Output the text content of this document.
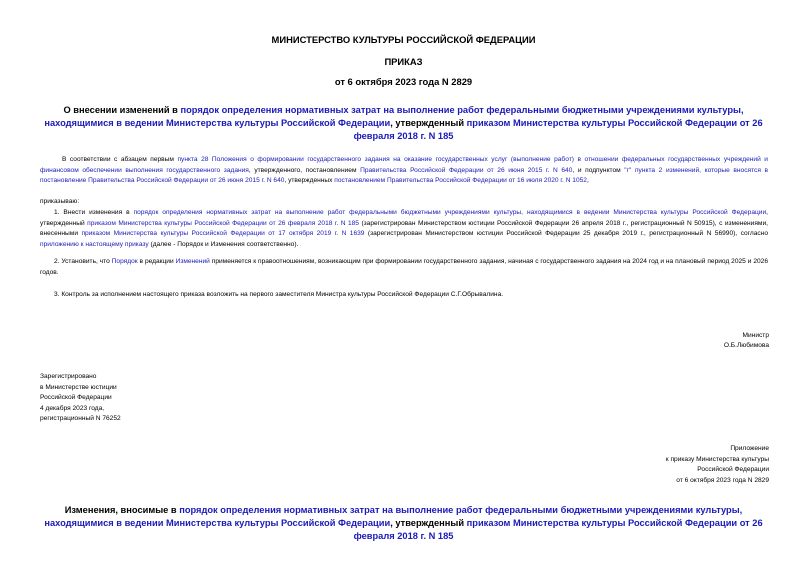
МИНИСТЕРСТВО КУЛЬТУРЫ РОССИЙСКОЙ ФЕДЕРАЦИИ
ПРИКАЗ
от 6 октября 2023 года N 2829
О внесении изменений в порядок определения нормативных затрат на выполнение работ федеральными бюджетными учреждениями культуры, находящимися в ведении Министерства культуры Российской Федерации, утвержденный приказом Министерства культуры Российской Федерации от 26 февраля 2018 г. N 185
В соответствии с абзацем первым пункта 28 Положения о формировании государственного задания на оказание государственных услуг (выполнение работ) в отношении федеральных государственных учреждений и финансовом обеспечении выполнения государственного задания, утвержденного, постановлением Правительства Российской Федерации от 26 июня 2015 г. N 640, и подпунктом "г" пункта 2 изменений, которые вносятся в постановление Правительства Российской Федерации от 26 июня 2015 г. N 640, утвержденных постановлением Правительства Российской Федерации от 16 июля 2020 г. N 1052,
приказываю:
1. Внести изменения в порядок определения нормативных затрат на выполнение работ федеральными бюджетными учреждениями культуры, находящимися в ведении Министерства культуры Российской Федерации, утвержденный приказом Министерства культуры Российской Федерации от 26 февраля 2018 г. N 185 (зарегистрирован Министерством юстиции Российской Федерации 26 апреля 2018 г., регистрационный N 50915), с изменениями, внесенными приказом Министерства культуры Российской Федерации от 17 октября 2019 г. N 1639 (зарегистрирован Министерством юстиции Российской Федерации 25 декабря 2019 г., регистрационный N 56990), согласно приложению к настоящему приказу (далее - Порядок и Изменения соответственно).
2. Установить, что Порядок в редакции Изменений применяется к правоотношениям, возникающим при формировании государственного задания, начиная с государственного задания на 2024 год и на плановый период 2025 и 2026 годов.
3. Контроль за исполнением настоящего приказа возложить на первого заместителя Министра культуры Российской Федерации С.Г.Обрывалина.
Министр
О.Б.Любимова
Зарегистрировано
в Министерстве юстиции
Российской Федерации
4 декабря 2023 года,
регистрационный N 76252
Приложение
к приказу Министерства культуры
Российской Федерации
от 6 октября 2023 года N 2829
Изменения, вносимые в порядок определения нормативных затрат на выполнение работ федеральными бюджетными учреждениями культуры, находящимися в ведении Министерства культуры Российской Федерации, утвержденный приказом Министерства культуры Российской Федерации от 26 февраля 2018 г. N 185
